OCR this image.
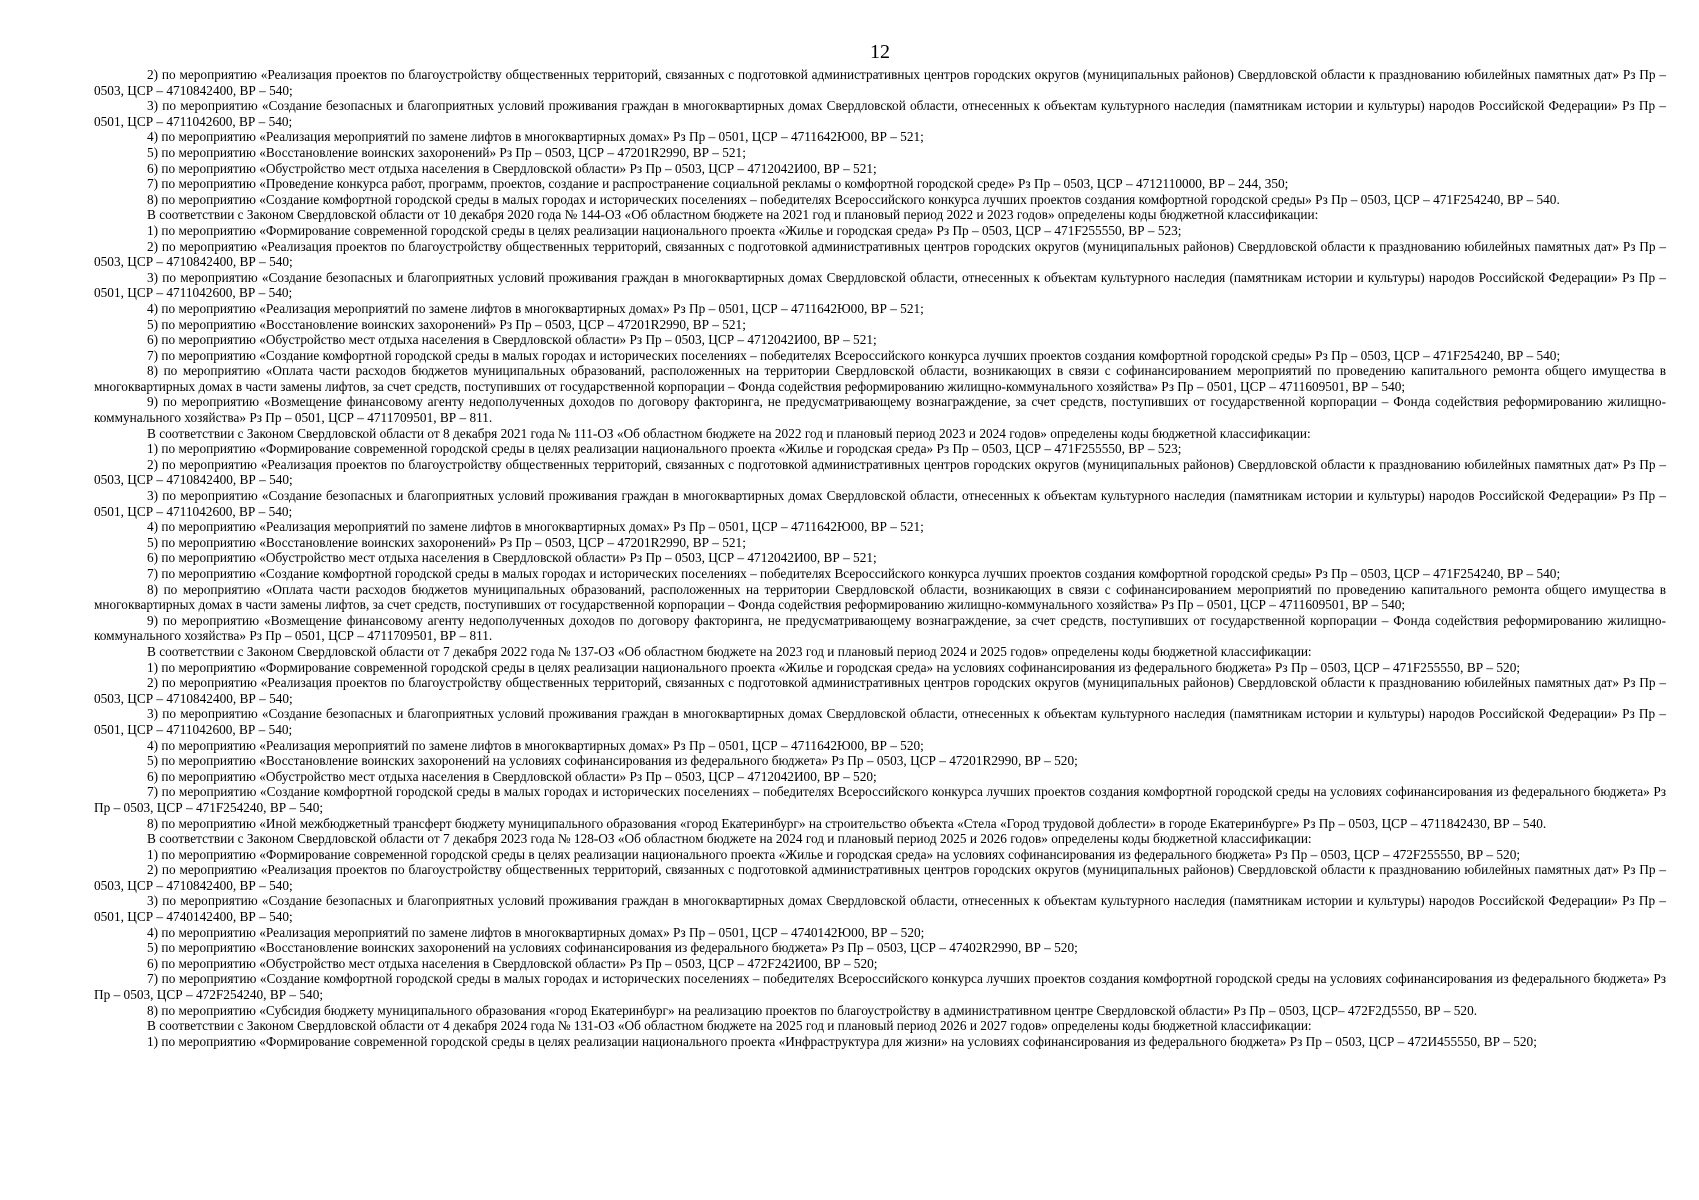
12

2) по мероприятию «Реализация проектов по благоустройству общественных территорий, связанных с подготовкой административных центров городских округов (муниципальных районов) Свердловской области к празднованию юбилейных памятных дат» Рз Пр – 0503, ЦСР – 4710842400, ВР – 540;

3) по мероприятию «Создание безопасных и благоприятных условий проживания граждан в многоквартирных домах Свердловской области, отнесенных к объектам культурного наследия (памятникам истории и культуры) народов Российской Федерации» Рз Пр – 0501, ЦСР – 4711042600, ВР – 540;

4) по мероприятию «Реализация мероприятий по замене лифтов в многоквартирных домах» Рз Пр – 0501, ЦСР – 4711642Ю00, ВР – 521;

5) по мероприятию «Восстановление воинских захоронений» Рз Пр – 0503, ЦСР – 47201R2990, ВР – 521;

6) по мероприятию «Обустройство мест отдыха населения в Свердловской области» Рз Пр – 0503, ЦСР – 4712042И00, ВР – 521;

7) по мероприятию «Проведение конкурса работ, программ, проектов, создание и распространение социальной рекламы о комфортной городской среде» Рз Пр – 0503, ЦСР – 4712110000, ВР – 244, 350;

8) по мероприятию «Создание комфортной городской среды в малых городах и исторических поселениях – победителях Всероссийского конкурса лучших проектов создания комфортной городской среды» Рз Пр – 0503, ЦСР – 471F254240, ВР – 540.

В соответствии с Законом Свердловской области от 10 декабря 2020 года № 144-ОЗ «Об областном бюджете на 2021 год и плановый период 2022 и 2023 годов» определены коды бюджетной классификации:

1) по мероприятию «Формирование современной городской среды в целях реализации национального проекта «Жилье и городская среда» Рз Пр – 0503, ЦСР – 471F255550, ВР – 523;

2) по мероприятию «Реализация проектов по благоустройству общественных территорий, связанных с подготовкой административных центров городских округов (муниципальных районов) Свердловской области к празднованию юбилейных памятных дат» Рз Пр – 0503, ЦСР – 4710842400, ВР – 540;

3) по мероприятию «Создание безопасных и благоприятных условий проживания граждан в многоквартирных домах Свердловской области, отнесенных к объектам культурного наследия (памятникам истории и культуры) народов Российской Федерации» Рз Пр – 0501, ЦСР – 4711042600, ВР – 540;

4) по мероприятию «Реализация мероприятий по замене лифтов в многоквартирных домах» Рз Пр – 0501, ЦСР – 4711642Ю00, ВР – 521;

5) по мероприятию «Восстановление воинских захоронений» Рз Пр – 0503, ЦСР – 47201R2990, ВР – 521;

6) по мероприятию «Обустройство мест отдыха населения в Свердловской области» Рз Пр – 0503, ЦСР – 4712042И00, ВР – 521;

7) по мероприятию «Создание комфортной городской среды в малых городах и исторических поселениях – победителях Всероссийского конкурса лучших проектов создания комфортной городской среды» Рз Пр – 0503, ЦСР – 471F254240, ВР – 540;

8) по мероприятию «Оплата части расходов бюджетов муниципальных образований, расположенных на территории Свердловской области, возникающих в связи с софинансированием мероприятий по проведению капитального ремонта общего имущества в многоквартирных домах в части замены лифтов, за счет средств, поступивших от государственной корпорации – Фонда содействия реформированию жилищно-коммунального хозяйства» Рз Пр – 0501, ЦСР – 4711609501, ВР – 540;

9) по мероприятию «Возмещение финансовому агенту недополученных доходов по договору факторинга, не предусматривающему вознаграждение, за счет средств, поступивших от государственной корпорации – Фонда содействия реформированию жилищно-коммунального хозяйства» Рз Пр – 0501, ЦСР – 4711709501, ВР – 811.

В соответствии с Законом Свердловской области от 8 декабря 2021 года № 111-ОЗ «Об областном бюджете на 2022 год и плановый период 2023 и 2024 годов» определены коды бюджетной классификации:

1) по мероприятию «Формирование современной городской среды в целях реализации национального проекта «Жилье и городская среда» Рз Пр – 0503, ЦСР – 471F255550, ВР – 523;

2) по мероприятию «Реализация проектов по благоустройству общественных территорий, связанных с подготовкой административных центров городских округов (муниципальных районов) Свердловской области к празднованию юбилейных памятных дат» Рз Пр – 0503, ЦСР – 4710842400, ВР – 540;

3) по мероприятию «Создание безопасных и благоприятных условий проживания граждан в многоквартирных домах Свердловской области, отнесенных к объектам культурного наследия (памятникам истории и культуры) народов Российской Федерации» Рз Пр – 0501, ЦСР – 4711042600, ВР – 540;

4) по мероприятию «Реализация мероприятий по замене лифтов в многоквартирных домах» Рз Пр – 0501, ЦСР – 4711642Ю00, ВР – 521;

5) по мероприятию «Восстановление воинских захоронений» Рз Пр – 0503, ЦСР – 47201R2990, ВР – 521;

6) по мероприятию «Обустройство мест отдыха населения в Свердловской области» Рз Пр – 0503, ЦСР – 4712042И00, ВР – 521;

7) по мероприятию «Создание комфортной городской среды в малых городах и исторических поселениях – победителях Всероссийского конкурса лучших проектов создания комфортной городской среды» Рз Пр – 0503, ЦСР – 471F254240, ВР – 540;

8) по мероприятию «Оплата части расходов бюджетов муниципальных образований, расположенных на территории Свердловской области, возникающих в связи с софинансированием мероприятий по проведению капитального ремонта общего имущества в многоквартирных домах в части замены лифтов, за счет средств, поступивших от государственной корпорации – Фонда содействия реформированию жилищно-коммунального хозяйства» Рз Пр – 0501, ЦСР – 4711609501, ВР – 540;

9) по мероприятию «Возмещение финансовому агенту недополученных доходов по договору факторинга, не предусматривающему вознаграждение, за счет средств, поступивших от государственной корпорации – Фонда содействия реформированию жилищно-коммунального хозяйства» Рз Пр – 0501, ЦСР – 4711709501, ВР – 811.

В соответствии с Законом Свердловской области от 7 декабря 2022 года № 137-ОЗ «Об областном бюджете на 2023 год и плановый период 2024 и 2025 годов» определены коды бюджетной классификации:

1) по мероприятию «Формирование современной городской среды в целях реализации национального проекта «Жилье и городская среда» на условиях софинансирования из федерального бюджета» Рз Пр – 0503, ЦСР – 471F255550, ВР – 520;

2) по мероприятию «Реализация проектов по благоустройству общественных территорий, связанных с подготовкой административных центров городских округов (муниципальных районов) Свердловской области к празднованию юбилейных памятных дат» Рз Пр – 0503, ЦСР – 4710842400, ВР – 540;

3) по мероприятию «Создание безопасных и благоприятных условий проживания граждан в многоквартирных домах Свердловской области, отнесенных к объектам культурного наследия (памятникам истории и культуры) народов Российской Федерации» Рз Пр – 0501, ЦСР – 4711042600, ВР – 540;

4) по мероприятию «Реализация мероприятий по замене лифтов в многоквартирных домах» Рз Пр – 0501, ЦСР – 4711642Ю00, ВР – 520;

5) по мероприятию «Восстановление воинских захоронений на условиях софинансирования из федерального бюджета» Рз Пр – 0503, ЦСР – 47201R2990, ВР – 520;

6) по мероприятию «Обустройство мест отдыха населения в Свердловской области» Рз Пр – 0503, ЦСР – 4712042И00, ВР – 520;

7) по мероприятию «Создание комфортной городской среды в малых городах и исторических поселениях – победителях Всероссийского конкурса лучших проектов создания комфортной городской среды на условиях софинансирования из федерального бюджета» Рз Пр – 0503, ЦСР – 471F254240, ВР – 540;

8) по мероприятию «Иной межбюджетный трансферт бюджету муниципального образования «город Екатеринбург» на строительство объекта «Стела «Город трудовой доблести» в городе Екатеринбурге» Рз Пр – 0503, ЦСР – 4711842430, ВР – 540.

В соответствии с Законом Свердловской области от 7 декабря 2023 года № 128-ОЗ «Об областном бюджете на 2024 год и плановый период 2025 и 2026 годов» определены коды бюджетной классификации:

1) по мероприятию «Формирование современной городской среды в целях реализации национального проекта «Жилье и городская среда» на условиях софинансирования из федерального бюджета» Рз Пр – 0503, ЦСР – 472F255550, ВР – 520;

2) по мероприятию «Реализация проектов по благоустройству общественных территорий, связанных с подготовкой административных центров городских округов (муниципальных районов) Свердловской области к празднованию юбилейных памятных дат» Рз Пр – 0503, ЦСР – 4710842400, ВР – 540;

3) по мероприятию «Создание безопасных и благоприятных условий проживания граждан в многоквартирных домах Свердловской области, отнесенных к объектам культурного наследия (памятникам истории и культуры) народов Российской Федерации» Рз Пр – 0501, ЦСР – 4740142400, ВР – 540;

4) по мероприятию «Реализация мероприятий по замене лифтов в многоквартирных домах» Рз Пр – 0501, ЦСР – 4740142Ю00, ВР – 520;

5) по мероприятию «Восстановление воинских захоронений на условиях софинансирования из федерального бюджета» Рз Пр – 0503, ЦСР – 47402R2990, ВР – 520;

6) по мероприятию «Обустройство мест отдыха населения в Свердловской области» Рз Пр – 0503, ЦСР – 472F242И00, ВР – 520;

7) по мероприятию «Создание комфортной городской среды в малых городах и исторических поселениях – победителях Всероссийского конкурса лучших проектов создания комфортной городской среды на условиях софинансирования из федерального бюджета» Рз Пр – 0503, ЦСР – 472F254240, ВР – 540;

8) по мероприятию «Субсидия бюджету муниципального образования «город Екатеринбург» на реализацию проектов по благоустройству в административном центре Свердловской области» Рз Пр – 0503, ЦСР– 472F2Д5550, ВР – 520.

В соответствии с Законом Свердловской области от 4 декабря 2024 года № 131-ОЗ «Об областном бюджете на 2025 год и плановый период 2026 и 2027 годов» определены коды бюджетной классификации:

1) по мероприятию «Формирование современной городской среды в целях реализации национального проекта «Инфраструктура для жизни» на условиях софинансирования из федерального бюджета» Рз Пр – 0503, ЦСР – 472И455550, ВР – 520;
